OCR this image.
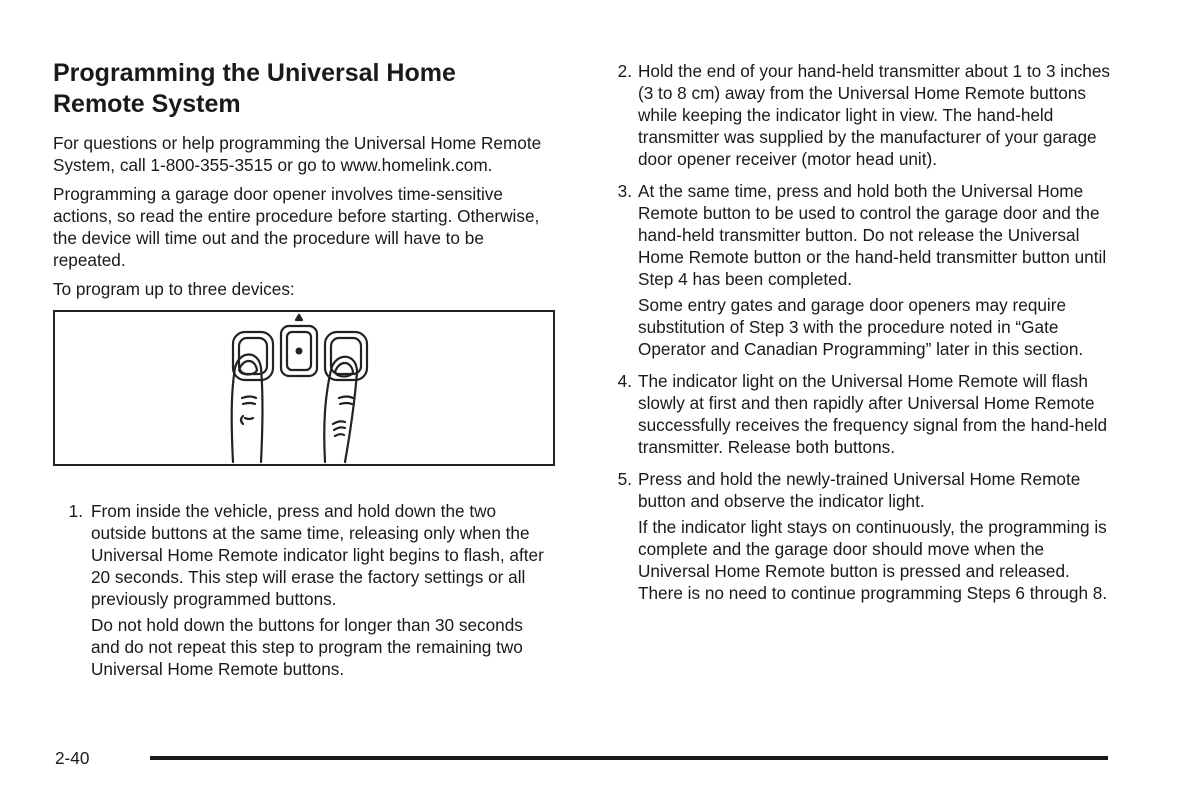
Programming the Universal Home Remote System

For questions or help programming the Universal Home Remote System, call 1-800-355-3515 or go to www.homelink.com.

Programming a garage door opener involves time-sensitive actions, so read the entire procedure before starting. Otherwise, the device will time out and the procedure will have to be repeated.

To program up to three devices:

1. From inside the vehicle, press and hold down the two outside buttons at the same time, releasing only when the Universal Home Remote indicator light begins to flash, after 20 seconds. This step will erase the factory settings or all previously programmed buttons.
Do not hold down the buttons for longer than 30 seconds and do not repeat this step to program the remaining two Universal Home Remote buttons.
2. Hold the end of your hand-held transmitter about 1 to 3 inches (3 to 8 cm) away from the Universal Home Remote buttons while keeping the indicator light in view. The hand-held transmitter was supplied by the manufacturer of your garage door opener receiver (motor head unit).
3. At the same time, press and hold both the Universal Home Remote button to be used to control the garage door and the hand-held transmitter button. Do not release the Universal Home Remote button or the hand-held transmitter button until Step 4 has been completed.
Some entry gates and garage door openers may require substitution of Step 3 with the procedure noted in “Gate Operator and Canadian Programming” later in this section.
4. The indicator light on the Universal Home Remote will flash slowly at first and then rapidly after Universal Home Remote successfully receives the frequency signal from the hand-held transmitter. Release both buttons.
5. Press and hold the newly-trained Universal Home Remote button and observe the indicator light.
If the indicator light stays on continuously, the programming is complete and the garage door should move when the Universal Home Remote button is pressed and released. There is no need to continue programming Steps 6 through 8.
2-40
